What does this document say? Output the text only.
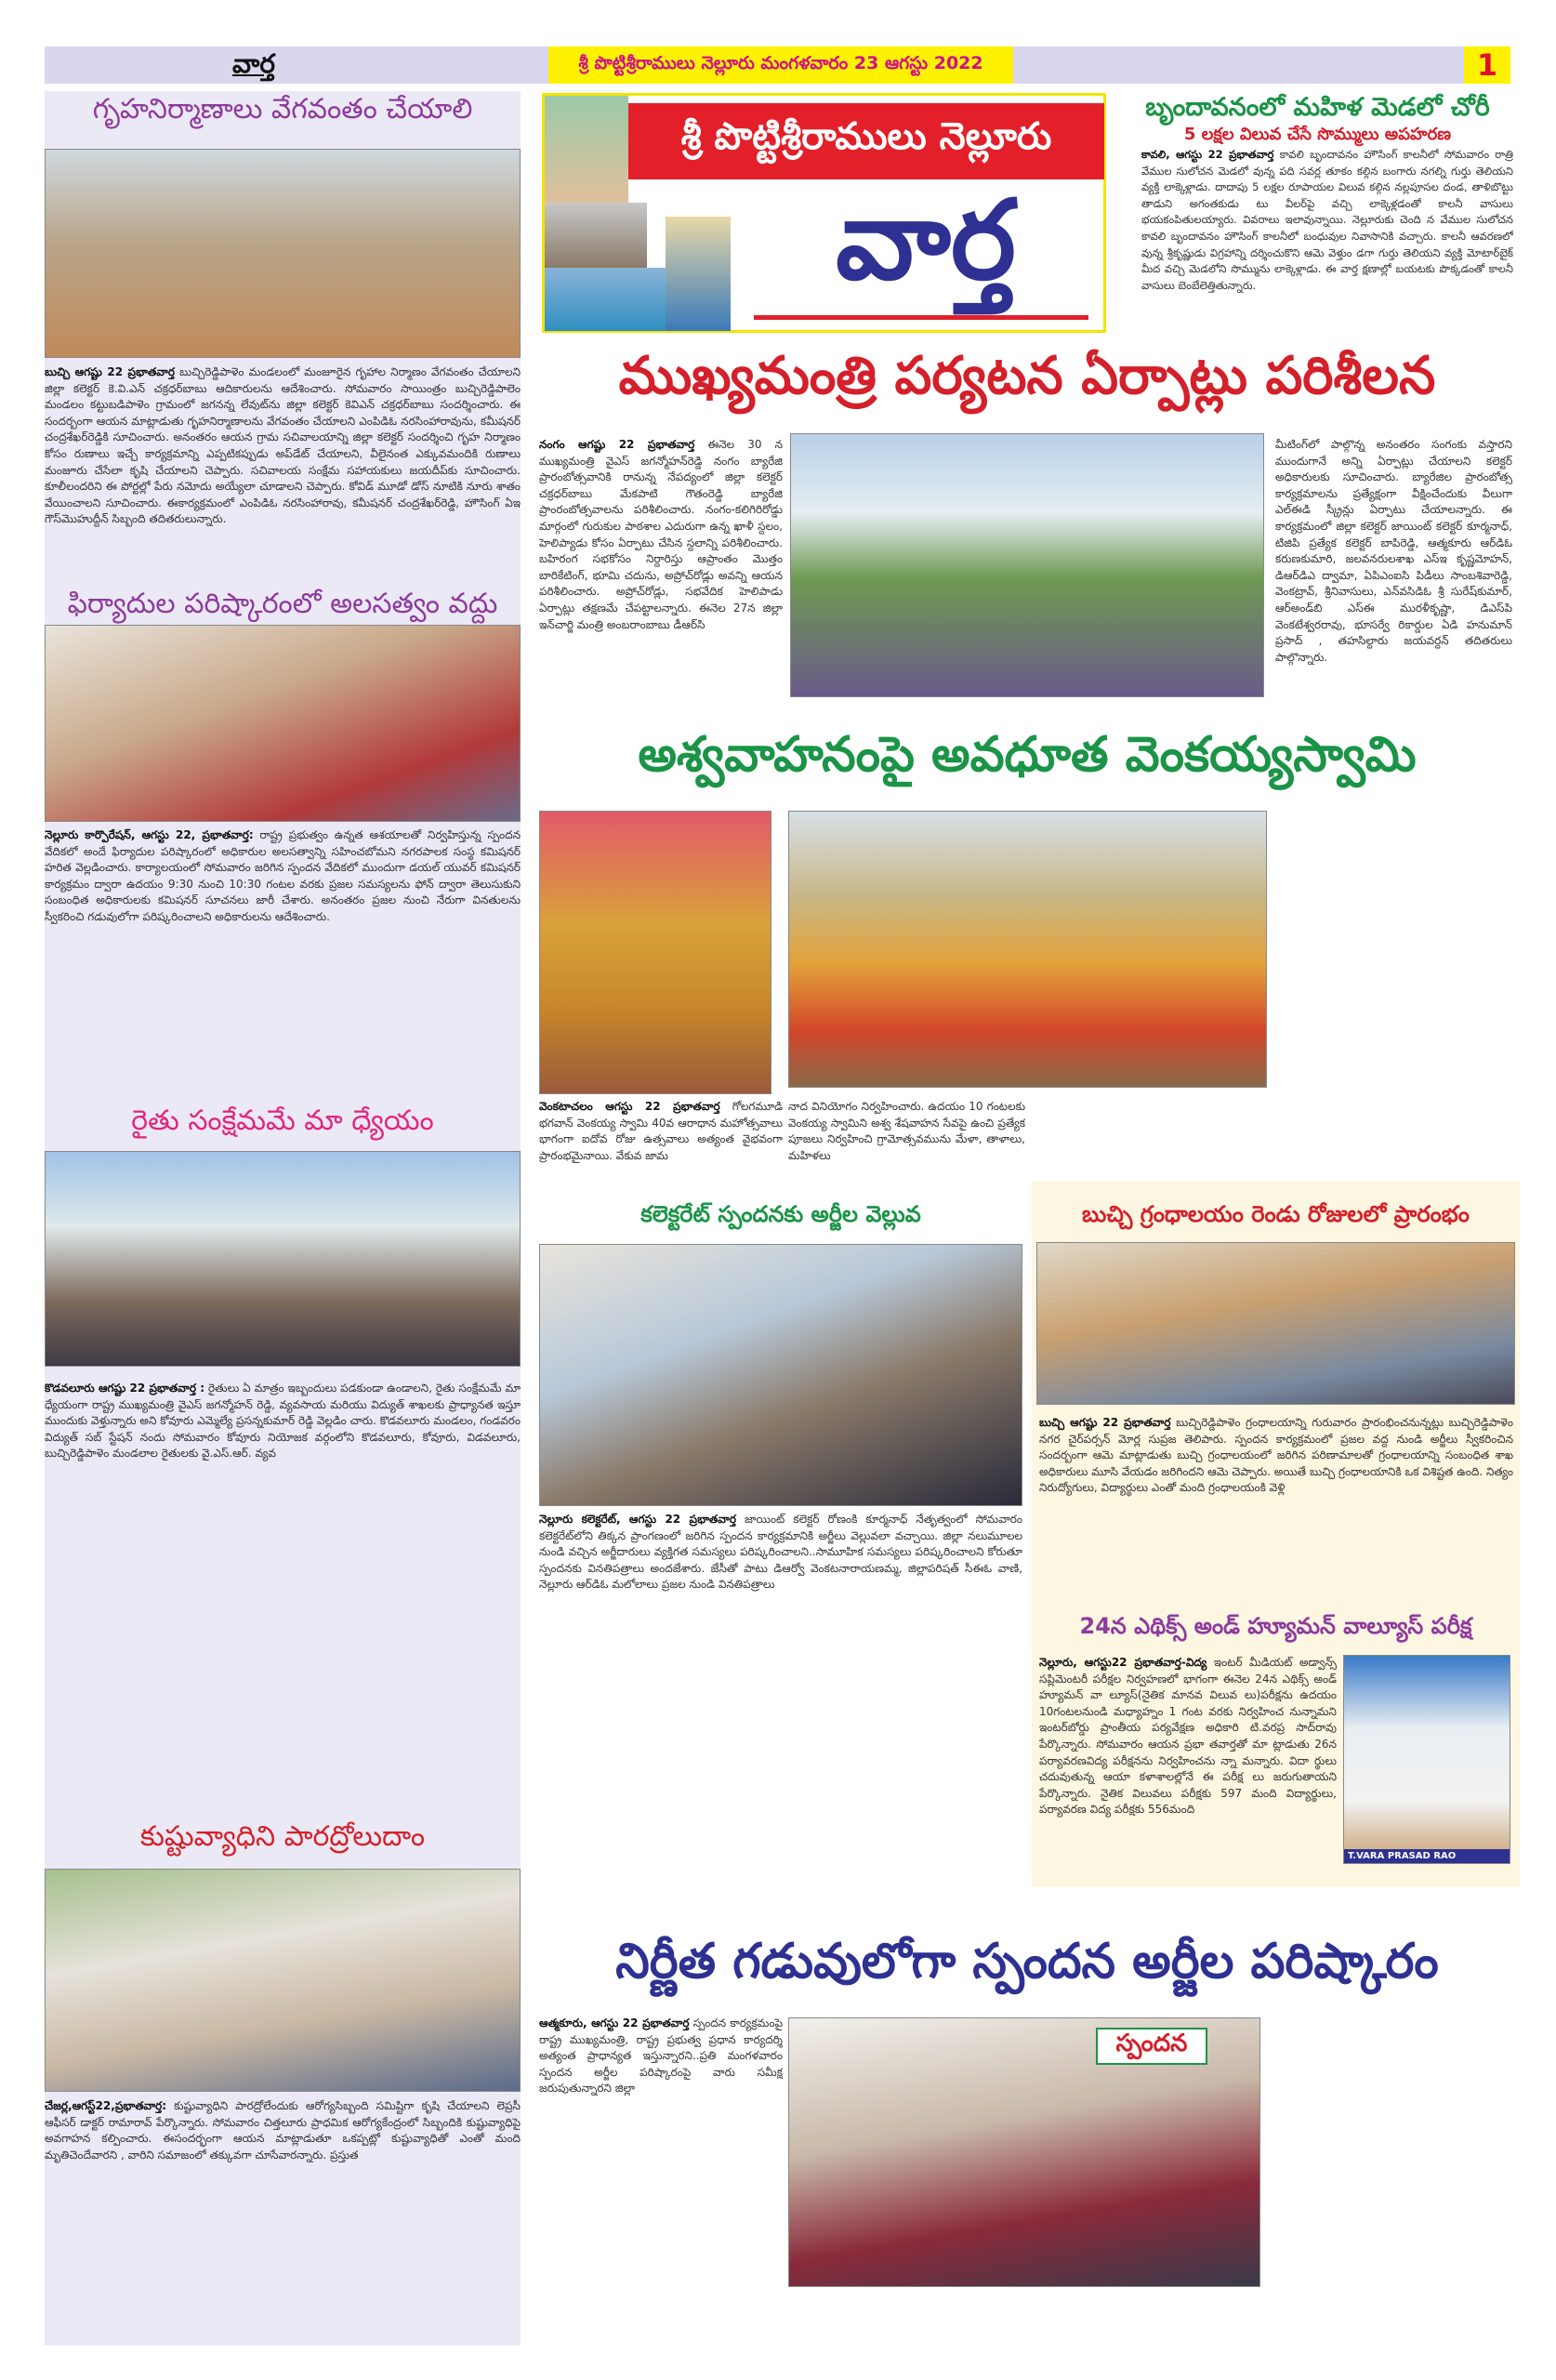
వార్త	శ్రీ పొట్టిశ్రీరాములు నెల్లూరు మంగళవారం 23 ఆగస్టు 2022	1
గృహనిర్మాణాలు వేగవంతం చేయాలి

బుచ్చి ఆగష్టు 22 ప్రభాతవార్త బుచ్చిరెడ్డిపాళెం మండలంలో మంజూరైన గృహాల నిర్మాణం వేగవంతం చేయాలని జిల్లా కలెక్టర్ కె.వి.ఎన్ చక్రధర్‌బాబు ఆదికారులను ఆదేశించారు. సోమవారం సాయింత్రం బుచ్చిరెడ్డిపాలెం మండలం కట్టుబడిపాళెం గ్రామంలో జగనన్న లేవుట్‌ను జిల్లా కలెక్టర్ కెవిఎన్ చక్రధర్‌బాబు సందర్శించారు. ఈ సందర్బంగా ఆయన మాట్లాడుతు గృహనిర్మాణాలను వేగవంతం చేయాలని ఎంపిడిఓ నరసింహారావును, కమీషనర్ చంద్రశేఖర్‌రెడ్డికి సూచించారు. అనంతరం ఆయన గ్రామ సచివాలయాన్ని జిల్లా కలెక్టర్ సందర్శించి గృహ నిర్మాణం కోసం రుణాలు ఇచ్చే కార్యక్రమాన్ని ఎప్పటికప్పుడు అప్‌డేట్ చేయాలని, వీలైనంత ఎక్కువమందికి రుణాలు మంజూరు చేసేలా కృషి చేయాలని చెప్పారు. సచివాలయ సంక్షేమ సహాయకులు జయదీప్‌కు సూచించారు. కూలీలందరిని ఈ పోర్టల్లో పేరు నమోదు అయ్యేలా చూడాలని చెప్పారు. కోవిడ్ మూడో డోస్ నూటికి నూరు శాతం వేయించాలని సూచించారు. ఈకార్యక్రమంలో ఎంపిడిఓ నరసింహారావు, కమీషనర్ చంద్రశేఖర్‌రెడ్డి, హౌసింగ్ ఏఇ గౌస్‌మొహుద్దీన్ సిబ్బంది తదితరులున్నారు.

ఫిర్యాదుల పరిష్కారంలో అలసత్వం వద్దు

నెల్లూరు కార్పొరేషన్, ఆగస్టు 22, ప్రభాతవార్త: రాష్ట్ర ప్రభుత్వం ఉన్నత ఆశయాలతో నిర్వహిస్తున్న స్పందన వేదికలో అందే ఫిర్యాదుల పరిష్కారంలో అధికారుల అలసత్వాన్ని సహించబోమని నగరపాలక సంస్థ కమిషనర్ హరిత వెల్లడించారు. కార్యాలయంలో సోమవారం జరిగిన స్పందన వేదికలో ముందుగా డయల్ యువర్ కమిషనర్ కార్యక్రమం ద్వారా ఉదయం 9:30 నుంచి 10:30 గంటల వరకు ప్రజల సమస్యలను ఫోన్ ద్వారా తెలుసుకుని సంబంధిత అధికారులకు కమిషనర్ సూచనలు జారీ చేశారు. అనంతరం ప్రజల నుంచి నేరుగా వినతులను స్వీకరించి గడువులోగా పరిష్కరించాలని అధికారులను ఆదేశించారు.

రైతు సంక్షేమమే మా ధ్యేయం

కొడవలూరు ఆగష్టు 22 ప్రభాతవార్త : రైతులు ఏ మాత్రం ఇబ్బందులు పడకుండా ఉండాలని, రైతు సంక్షేమమే మా ధ్యేయంగా రాష్ట్ర ముఖ్యమంత్రి వైఎస్ జగన్మోహన్ రెడ్డి, వ్యవసాయ మరియు విద్యుత్ శాఖలకు ప్రాధ్యానత ఇస్తూ ముందుకు వెళ్తున్నారు అని కోవూరు ఎమ్మెల్యే ప్రసన్నకుమార్ రెడ్డి వెల్లడిం చారు. కొడవలూరు మండలం, గండవరం విద్యుత్ సబ్ స్టేషన్ నందు సోమవారం కోవూరు నియోజక వర్గంలోని కొడవలూరు, కోవూరు, విడవలూరు, బుచ్చిరెడ్డిపాళెం మండలాల రైతులకు వై.ఎస్.ఆర్. వ్యవ

కుష్టువ్యాధిని పారద్రోలుదాం

చేజర్ల,ఆగస్ట్22,ప్రభాతవార్త: కుష్టువ్యాధిని పారద్రోలేందుకు ఆరోగ్యసిబ్బంది సమిష్టిగా కృషి చేయాలని లెప్రసీ ఆఫీసర్ డాక్టర్ రామారావ్ పేర్కొన్నారు. సోమవారం చిత్తలూరు ప్రాధమిక ఆరోగ్యకేంద్రంలో సిబ్బందికి కుష్టువ్యాధిపై అవగాహన కల్పించారు. ఈసందర్భంగా ఆయన మాట్లాడుతూ ఒకప్పట్లో కుష్టువ్యాధితో ఎంతో మంది మృతిచెందేవారని , వారిని సమాజంలో తక్కువగా చూసేవారన్నారు. ప్రస్తుత

శ్రీ పొట్టిశ్రీరాములు నెల్లూరు
వార్త
బృందావనంలో మహిళ మెడలో చోరీ
5 లక్షల విలువ చేసే సొమ్ములు అపహరణ

కావలి, ఆగస్టు 22 ప్రభాతవార్త కావలి బృందావనం హౌసింగ్ కాలనీలో సోమవారం రాత్రి వేముల సులోచన మెడలో వున్న పది సవర్ల తూకం కల్గిన బంగారు నగల్ని గుర్తు తెలియని వ్యక్తి లాక్కెళ్లాడు. దాదాపు 5 లక్షల రూపాయల విలువ కల్గిన నల్లపూసల దండ, తాళిబొట్టు తాడుని అగంతకుడు టు వీలర్‌పై వచ్చి లాక్కెళ్లడంతో కాలనీ వాసులు భయకంపితులయ్యారు. వివరాలు ఇలావున్నాయి. నెల్లూరుకు చెంది న వేముల సులోచన కావలి బృందావనం హౌసింగ్ కాలనీలో బంధువుల నివాసానికి వచ్చారు. కాలనీ ఆవరణలో వున్న శ్రీకృష్ణుడు విగ్రహాన్ని దర్శించుకొని ఆమె వెళ్తుం డగా గుర్తు తెలియని వ్యక్తి మోటార్‌బైక్ మీద వచ్చి మెడలోని సొమ్మును లాక్కెళ్లాడు. ఈ వార్త క్షణాల్లో బయటకు పొక్కడంతో కాలనీ వాసులు బెంబేలెత్తితున్నారు.

ముఖ్యమంత్రి పర్యటన ఏర్పాట్లు పరిశీలన

నంగం ఆగష్టు 22 ప్రభాతవార్త ఈనెల 30 న ముఖ్యమంత్రి వైఎస్ జగన్మోహన్‌రెడ్డి నంగం బ్యారేజి ప్రారంబోత్సవానికి రానున్న నేపద్యంలో జిల్లా కలెక్టర్ చక్రధర్‌బాబు మేకపాటి గౌతంరెడ్డి బ్యారేజి ప్రాంరంబోత్సవాలను పరిశీలించారు. నంగం-కలిగిరిరోడ్డు మార్గంలో గురుకుల పాఠశాల ఎదురుగా ఉన్న ఖాళీ స్దలం, హెలిప్యాడు కోసం ఏర్పాటు చేసిన స్దలాన్ని పరిశీలించారు. బహిరంగ సభకోసం నిర్దారిస్తు ఆప్రాంతం మొత్తం బారికేటింగ్, భూమి చదును, అప్రోచ్‌రోడ్లు అవన్ని ఆయన పరిశీలించారు. అప్రోచ్‌రోడ్లు, సభవేదిక హెలిపాడు ఏర్పాట్లు తక్షణమే చేపట్టాలన్నారు. ఈనెల 27న జిల్లా ఇన్‌చార్జి మంత్రి అంబరాంబాబు డీఆర్‌సి

మీటింగ్‌లో పాల్గొన్న అనంతరం సంగంకు వస్తారని ముందుగానే అన్ని ఏర్పాట్లు చేయాలని కలెక్టర్ అధికారులకు సూచించారు. బ్యారేజిల ప్రారంబోత్స కార్యక్రమాలను ప్రత్యేక్షంగా వీక్షించేందుకు వీలుగా ఎల్‌ఈడి స్క్రీన్లు ఏర్పాటు చేయాలన్నారు. ఈ కార్యక్రమంలో జిల్లా కలెక్టర్ జాయింట్ కలెక్టర్ కూర్మనాధ్, టిజిపి ప్రత్యేక కలెక్టర్ బాపిరెడ్డి, ఆత్మకూరు ఆర్‌డిఓ కరుణకుమారి, జలవనరులశాఖ ఎస్ఇ కృష్ణమోహన్, డిఆర్‌డిఎ ద్వామా, ఏపిఎంఐసి పిడీలు సాంబశివారెడ్డి, వెంకట్రావ్, శ్రీనివాసులు, ఎన్‌వసిడిఓ శ్రీ సురేష్‌కుమార్, ఆర్‌అండ్‌బి ఎస్ఈ మురళీకృష్ణా, డిఎస్‌పి వెంకటేశ్వరరావు, భూసర్వే రికార్డుల ఏడి హనుమాన్ ప్రసాద్ , తహసిల్దారు జయవర్దన్ తదితరులు పాల్గొన్నారు.

అశ్వవాహనంపై అవధూత వెంకయ్యస్వామి

వెంకటాచలం ఆగస్టు 22 ప్రభాతవార్త గోలగమూడి భగవాన్ వెంకయ్య స్వామి 40వ ఆరాధాన మహోత్సవాలు భాగంగా ఐదోవ రోజు ఉత్సవాలు అత్యంత వైభవంగా ప్రారంభమైనాయి. వేకువ జామ

నాద వినియోగం నిర్వహించారు. ఉదయం 10 గంటలకు వెంకయ్య స్వామిని అశ్వ శేషవాహన సేవపై ఉంచి ప్రత్యేక పూజలు నిర్వహించి గ్రామోత్సవమును మేళా, తాళాలు, మహిళలు

కలెక్టరేట్ స్పందనకు అర్జీల వెల్లువ

నెల్లూరు కలెక్టరేట్, ఆగస్టు 22 ప్రభాతవార్త జాయింట్ కలెక్టర్ రోణంకి కూర్మనాధ్ నేతృత్వంలో సోమవారం కలెక్టరేట్‌లోని తిక్కన ప్రాంగణంలో జరిగిన స్పందన కార్యక్రమానికి అర్జీలు వెల్లువలా వచ్చాయి. జిల్లా నలుమూలల నుండి వచ్చిన అర్జీదారులు వ్యక్తిగత సమస్యలు పరిష్కరించాలని..సామూహిక సమస్యలు పరిష్కరించాలని కోరుతూ స్పందనకు వినతిపత్రాలు అందజేశారు. జేసీతో పాటు డిఆర్వో వెంకటనారాయణమ్మ, జిల్లాపరిషత్ సీఈఓ వాణి, నెల్లూరు ఆర్‌డిఓ మలోలాలు ప్రజల నుండి వినతిపత్రాలు

బుచ్చి గ్రంధాలయం రెండు రోజులలో ప్రారంభం

బుచ్చి ఆగష్టు 22 ప్రభాతవార్త బుచ్చిరెడ్డిపాళెం గ్రంధాలయాన్ని గురువారం ప్రారంభించనున్నట్లు బుచ్చిరెడ్డిపాళెం నగర చైర్‌పర్సన్ మోర్ల సుప్రజ తెలిపారు. స్పందన కార్యక్రమంలో ప్రజల వద్ద నుండి అర్జీలు స్వీకరించిన సందర్బంగా ఆమె మాట్లాడుతు బుచ్చి గ్రంధాలయంలో జరిగిన పరిణామాలతో గ్రంధాలయాన్ని సంబంధిత శాఖ అధికారులు మూసి వేయడం జరిగిందని ఆమె చెప్పారు. అయితే బుచ్చి గ్రంధాలయానికి ఒక విశిష్టత ఉంది. నిత్యం నిరుద్యోగులు, విద్యార్థులు ఎంతో మంది గ్రంధాలయంకి వెళ్లి

24న ఎథిక్స్ అండ్ హ్యూమన్ వాల్యూస్ పరీక్ష

నెల్లూరు, ఆగస్టు22 ప్రభాతవార్త-విద్య ఇంటర్ మీడియట్ అడ్వాన్స్ సప్లిమెంటరీ పరీక్షల నిర్వహణలో భాగంగా ఈనెల 24న ఎథిక్స్ అండ్ హ్యూమన్ వా ల్యూస్(నైతిక మానవ విలువ లు)పరీక్షను ఉదయం 10గంటలనుండి మధ్యాహ్నం 1 గంట వరకు నిర్వహించ నున్నామని ఇంటర్‌బోర్డు ప్రాంతీయ పర్యవేక్షణ అధికారి టి.వరప్ర సాద్‌రావు పేర్కొన్నారు. సోమవారం ఆయన ప్రభా తవార్తతో మా ట్లాడుతు 26న పర్యావరణవిద్య పరీక్షనను నిర్వహించను న్నా మన్నారు. విదా ర్థులు చదువుతున్న ఆయా కళాశాలల్లోనే ఈ పరీక్ష లు జరుగుతాయని పేర్కొన్నారు. నైతిక విలువలు పరీక్షకు 597 మంది విద్యార్థులు, పర్యావరణ విద్య పరీక్షకు 556మంది

T.VARA PRASAD RAO
నిర్ణీత గడువులోగా స్పందన అర్జీల పరిష్కారం

ఆత్మకూరు, ఆగస్టు 22 ప్రభాతవార్త స్పందన కార్యక్రమంపై రాష్ట్ర ముఖ్యమంత్రి, రాష్ట్ర ప్రభుత్వ ప్రధాన కార్యదర్శి అత్యంత ప్రాధాన్యత ఇస్తున్నారని..ప్రతి మంగళవారం స్పందన అర్జీల పరిష్కారంపై వారు సమీక్ష జరుపుతున్నారని జిల్లా

స్పందన
